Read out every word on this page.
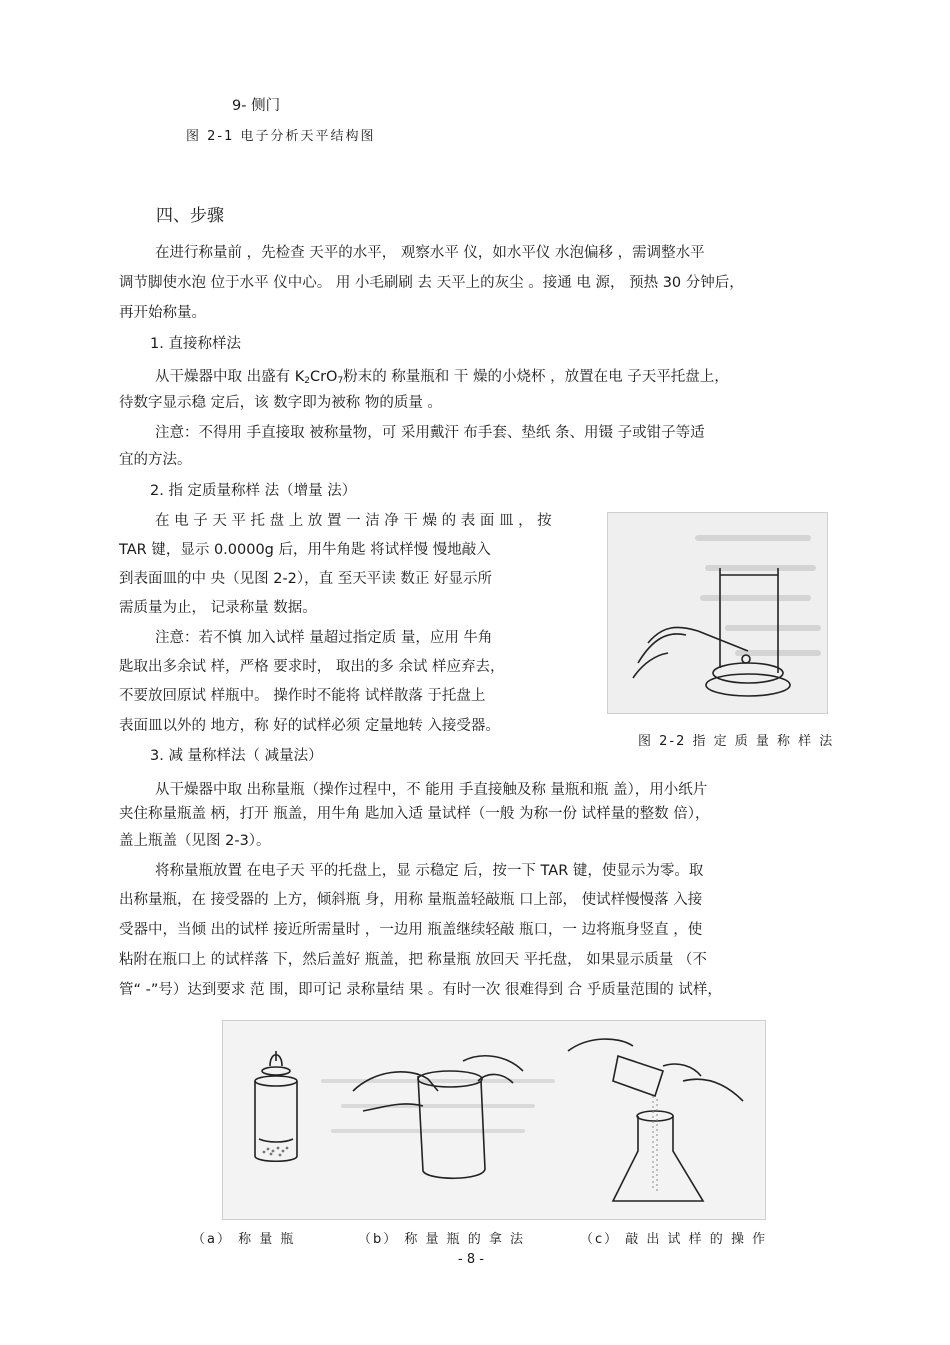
9- 侧门
图 2-1 电子分析天平结构图
四、步骤
在进行称量前 ，先检查 天平的水平， 观察水平 仪，如水平仪 水泡偏移 ，需调整水平
调节脚使水泡 位于水平 仪中心。 用 小毛刷刷 去 天平上的灰尘 。接通 电 源， 预热 30 分钟后，
再开始称量。
1. 直接称样法
从干燥器中取 出盛有 $K_2CrO_7$粉末的 称量瓶和 干 燥的小烧杯 ，放置在电 子天平托盘上，
待数字显示稳 定后，该 数字即为被称 物的质量 。
注意：不得用 手直接取 被称量物，可 采用戴汗 布手套、垫纸 条、用镊 子或钳子等适
宜的方法。
2. 指 定质量称样 法（增量 法）
在 电 子 天 平 托 盘 上 放 置 一 洁 净 干 燥 的 表 面 皿 ， 按
TAR 键，显示 0.0000g 后，用牛角匙 将试样慢 慢地敲入
到表面皿的中 央（见图 2-2），直 至天平读 数正 好显示所
需质量为止， 记录称量 数据。
注意：若不慎 加入试样 量超过指定质 量，应用 牛角
匙取出多余试 样，严格 要求时， 取出的多 余试 样应弃去，
不要放回原试 样瓶中。 操作时不能将 试样散落 于托盘上
表面皿以外的 地方，称 好的试样必须 定量地转 入接受器。
图 2-2 指 定 质 量 称 样 法
3. 减 量称样法（ 减量法）
从干燥器中取 出称量瓶（操作过程中，不 能用 手直接触及称 量瓶和瓶 盖），用小纸片
夹住称量瓶盖 柄，打开 瓶盖，用牛角 匙加入适 量试样（一般 为称一份 试样量的整数 倍），
盖上瓶盖（见图 2-3）。
将称量瓶放置 在电子天 平的托盘上，显 示稳定 后，按一下 TAR 键，使显示为零。取
出称量瓶，在 接受器的 上方，倾斜瓶 身，用称 量瓶盖轻敲瓶 口上部， 使试样慢慢落 入接
受器中，当倾 出的试样 接近所需量时 ，一边用 瓶盖继续轻敲 瓶口，一 边将瓶身竖直 ，使
粘附在瓶口上 的试样落 下，然后盖好 瓶盖，把 称量瓶 放回天 平托盘， 如果显示质量 （不
管“ -”号）达到要求 范 围，即可记 录称量结 果 。有时一次 很难得到 合 乎质量范围的 试样，
（a） 称 量 瓶	（b） 称 量 瓶 的 拿 法	（c） 敲 出 试 样 的 操 作
- 8 -
